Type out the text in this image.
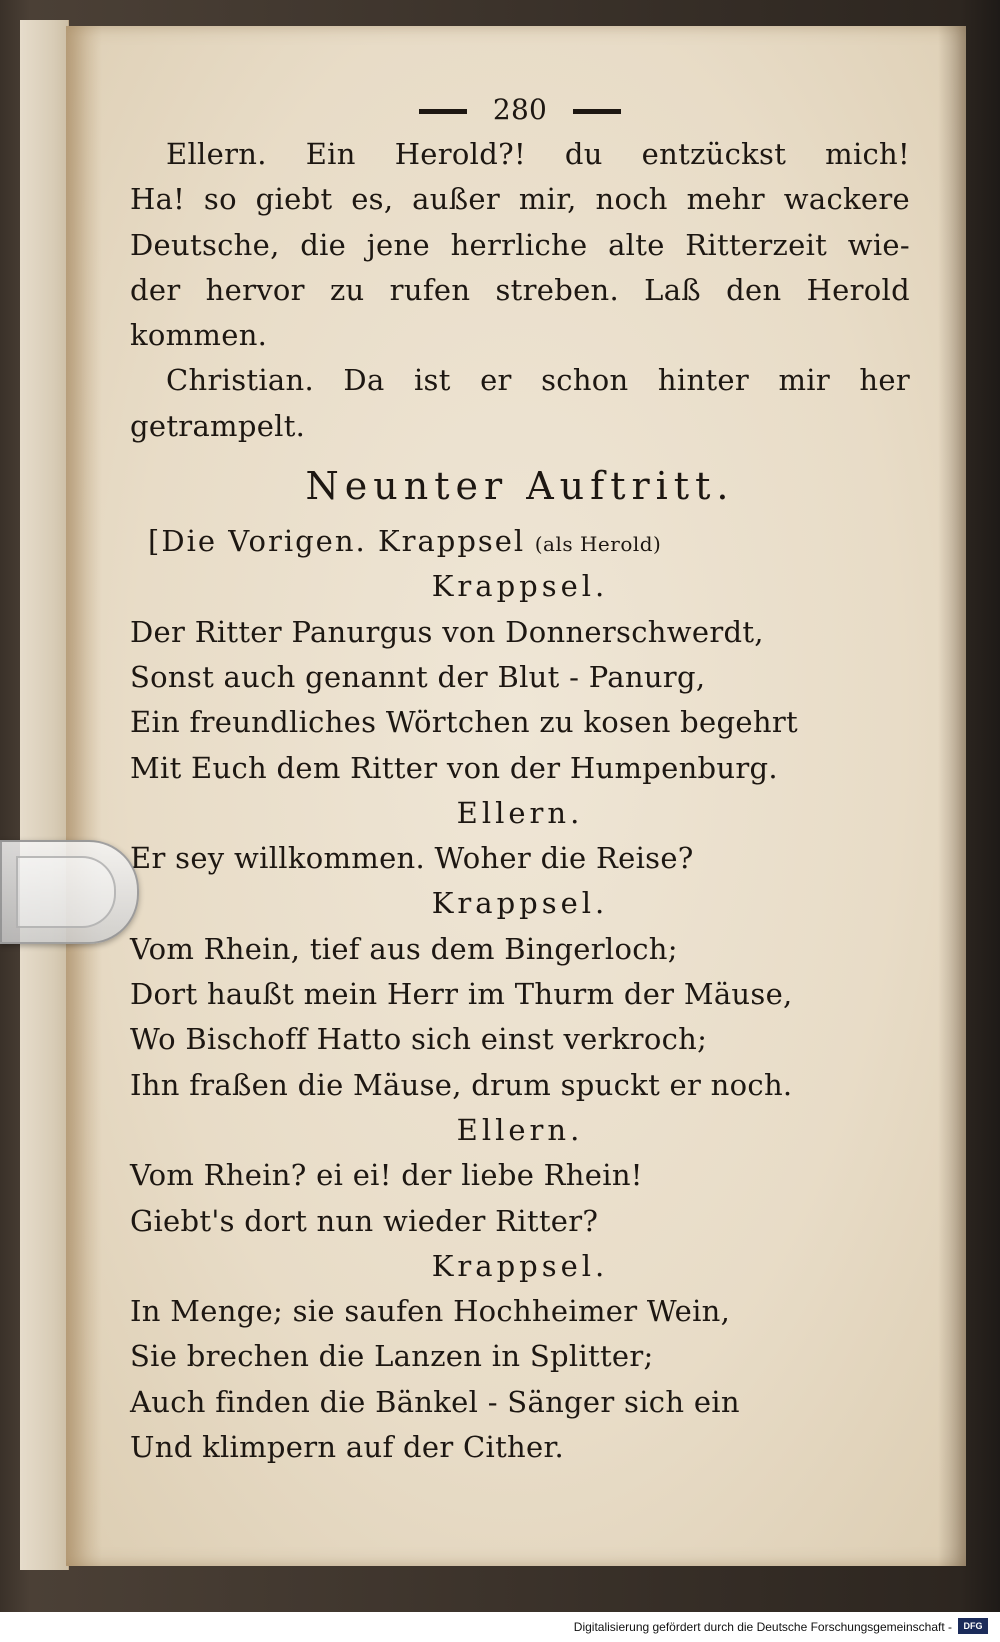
280
Ellern. Ein Herold?! du entzückst mich!
Ha! so giebt es, außer mir, noch mehr wackere
Deutsche, die jene herrliche alte Ritterzeit wie-
der hervor zu rufen streben. Laß den Herold
kommen.
Christian. Da ist er schon hinter mir her
getrampelt.
Neunter Auftritt.
[Die Vorigen. Krappsel (als Herold)
Krappsel.
Der Ritter Panurgus von Donnerschwerdt,
Sonst auch genannt der Blut - Panurg,
Ein freundliches Wörtchen zu kosen begehrt
Mit Euch dem Ritter von der Humpenburg.
Ellern.
Er sey willkommen. Woher die Reise?
Krappsel.
Vom Rhein, tief aus dem Bingerloch;
Dort haußt mein Herr im Thurm der Mäuse,
Wo Bischoff Hatto sich einst verkroch;
Ihn fraßen die Mäuse, drum spuckt er noch.
Ellern.
Vom Rhein? ei ei! der liebe Rhein!
Giebt's dort nun wieder Ritter?
Krappsel.
In Menge; sie saufen Hochheimer Wein,
Sie brechen die Lanzen in Splitter;
Auch finden die Bänkel - Sänger sich ein
Und klimpern auf der Cither.
Digitalisierung gefördert durch die Deutsche Forschungsgemeinschaft -	DFG
